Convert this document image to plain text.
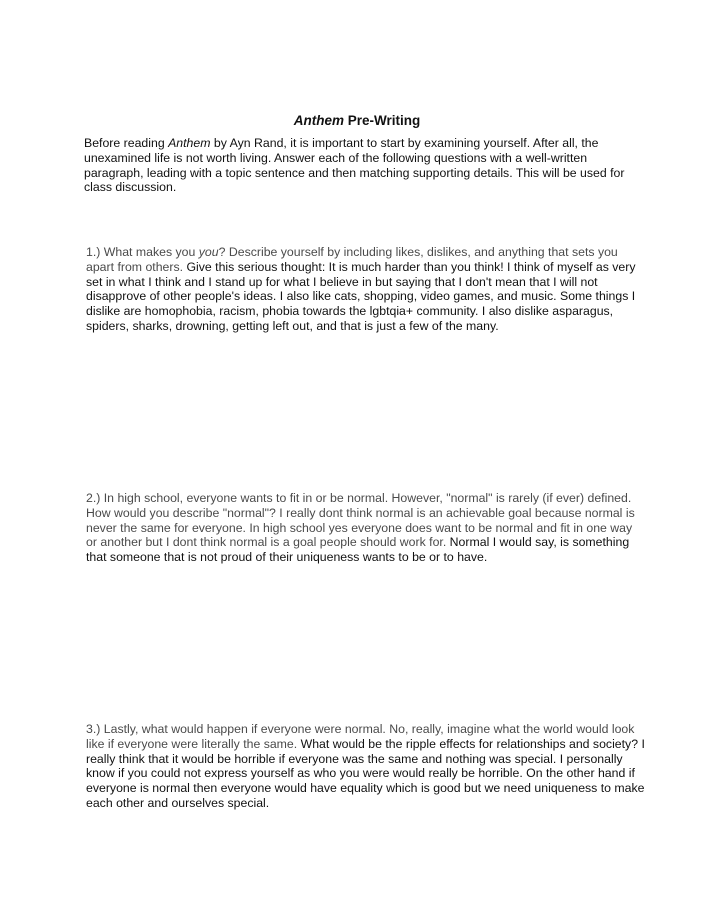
Anthem Pre-Writing

Before reading Anthem by Ayn Rand, it is important to start by examining yourself. After all, the unexamined life is not worth living. Answer each of the following questions with a well-written paragraph, leading with a topic sentence and then matching supporting details. This will be used for class discussion.

1.) What makes you you? Describe yourself by including likes, dislikes, and anything that sets you apart from others. Give this serious thought: It is much harder than you think! I think of myself as very set in what I think and I stand up for what I believe in but saying that I don't mean that I will not disapprove of other people's ideas. I also like cats, shopping, video games, and music. Some things I dislike are homophobia, racism, phobia towards the lgbtqia+ community. I also dislike asparagus, spiders, sharks, drowning, getting left out, and that is just a few of the many.

2.) In high school, everyone wants to fit in or be normal. However, "normal" is rarely (if ever) defined. How would you describe "normal"? I really dont think normal is an achievable goal because normal is never the same for everyone. In high school yes everyone does want to be normal and fit in one way or another but I dont think normal is a goal people should work for. Normal I would say, is something that someone that is not proud of their uniqueness wants to be or to have.

3.) Lastly, what would happen if everyone were normal. No, really, imagine what the world would look like if everyone were literally the same. What would be the ripple effects for relationships and society? I really think that it would be horrible if everyone was the same and nothing was special. I personally know if you could not express yourself as who you were would really be horrible. On the other hand if everyone is normal then everyone would have equality which is good but we need uniqueness to make each other and ourselves special.
